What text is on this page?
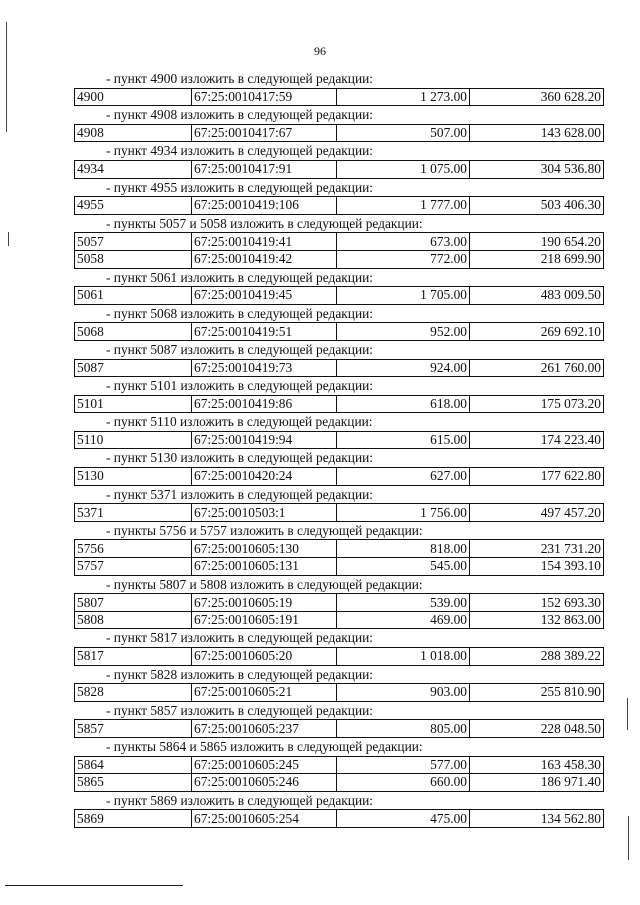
96
- пункт 4900 изложить в следующей редакции:
4900	67:25:0010417:59	1 273.00	360 628.20
- пункт 4908 изложить в следующей редакции:
4908	67:25:0010417:67	507.00	143 628.00
- пункт 4934 изложить в следующей редакции:
4934	67:25:0010417:91	1 075.00	304 536.80
- пункт 4955 изложить в следующей редакции:
4955	67:25:0010419:106	1 777.00	503 406.30
- пункты 5057 и 5058 изложить в следующей редакции:
5057	67:25:0010419:41	673.00	190 654.20
5058	67:25:0010419:42	772.00	218 699.90
- пункт 5061 изложить в следующей редакции:
5061	67:25:0010419:45	1 705.00	483 009.50
- пункт 5068 изложить в следующей редакции:
5068	67:25:0010419:51	952.00	269 692.10
- пункт 5087 изложить в следующей редакции:
5087	67:25:0010419:73	924.00	261 760.00
- пункт 5101 изложить в следующей редакции:
5101	67:25:0010419:86	618.00	175 073.20
- пункт 5110 изложить в следующей редакции:
5110	67:25:0010419:94	615.00	174 223.40
- пункт 5130 изложить в следующей редакции:
5130	67:25:0010420:24	627.00	177 622.80
- пункт 5371 изложить в следующей редакции:
5371	67:25:0010503:1	1 756.00	497 457.20
- пункты 5756 и 5757 изложить в следующей редакции:
5756	67:25:0010605:130	818.00	231 731.20
5757	67:25:0010605:131	545.00	154 393.10
- пункты 5807 и 5808 изложить в следующей редакции:
5807	67:25:0010605:19	539.00	152 693.30
5808	67:25:0010605:191	469.00	132 863.00
- пункт 5817 изложить в следующей редакции:
5817	67:25:0010605:20	1 018.00	288 389.22
- пункт 5828 изложить в следующей редакции:
5828	67:25:0010605:21	903.00	255 810.90
- пункт 5857 изложить в следующей редакции:
5857	67:25:0010605:237	805.00	228 048.50
- пункты 5864 и 5865 изложить в следующей редакции:
5864	67:25:0010605:245	577.00	163 458.30
5865	67:25:0010605:246	660.00	186 971.40
- пункт 5869 изложить в следующей редакции:
5869	67:25:0010605:254	475.00	134 562.80
